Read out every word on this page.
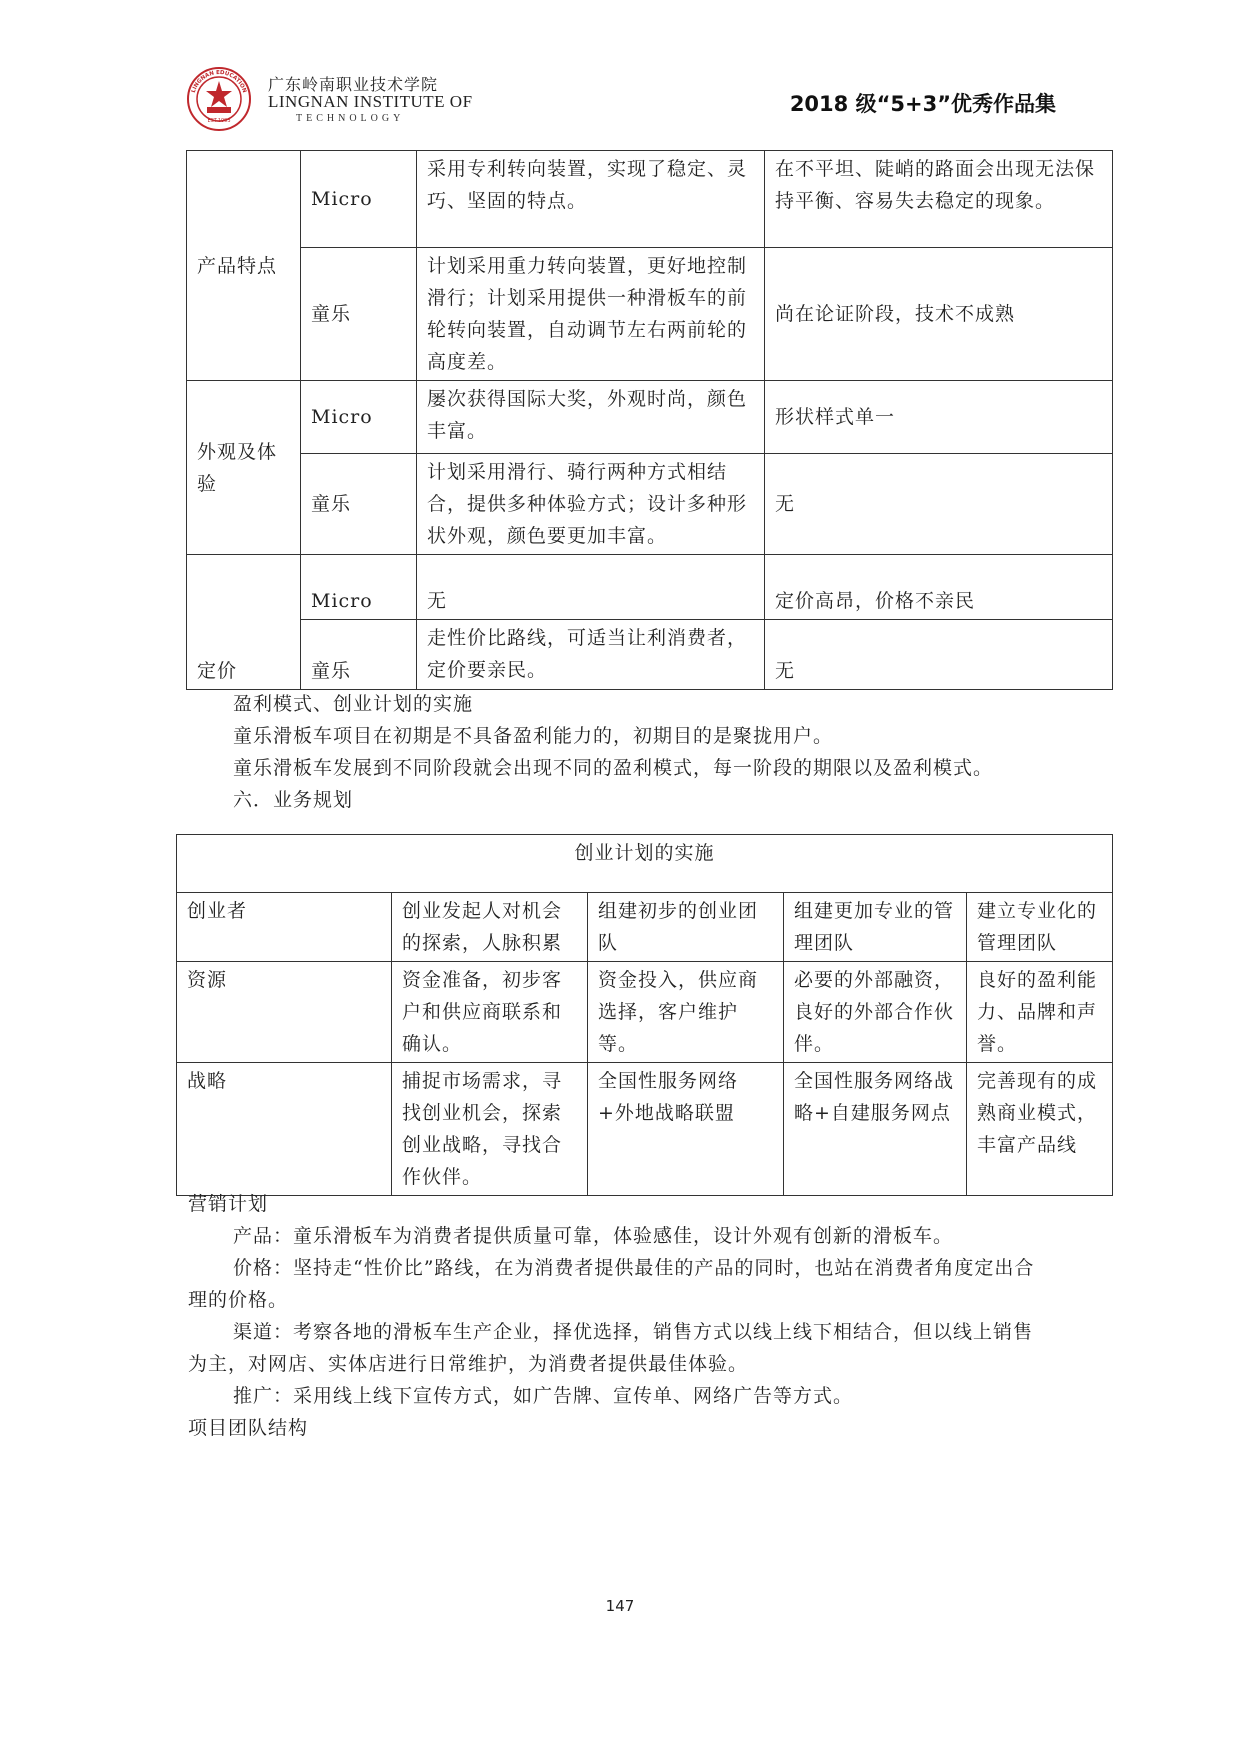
LINGNAN EDUCATION
EST.1993
广东岭南职业技术学院
LINGNAN INSTITUTE OF
TECHNOLOGY
2018 级“5+3”优秀作品集
产品特点	Micro	采用专利转向装置，实现了稳定、灵巧、坚固的特点。	在不平坦、陡峭的路面会出现无法保持平衡、容易失去稳定的现象。
	童乐	计划采用重力转向装置，更好地控制滑行；计划采用提供一种滑板车的前轮转向装置，自动调节左右两前轮的高度差。	尚在论证阶段，技术不成熟
外观及体验	Micro	屡次获得国际大奖，外观时尚，颜色丰富。	形状样式单一
	童乐	计划采用滑行、骑行两种方式相结合，提供多种体验方式；设计多种形状外观，颜色要更加丰富。	无
定价	Micro	无	定价高昂，价格不亲民
	童乐	走性价比路线，可适当让利消费者，定价要亲民。	无

盈利模式、创业计划的实施

童乐滑板车项目在初期是不具备盈利能力的，初期目的是聚拢用户。

童乐滑板车发展到不同阶段就会出现不同的盈利模式，每一阶段的期限以及盈利模式。

六．业务规划

创业计划的实施				
创业者	创业发起人对机会的探索，人脉积累	组建初步的创业团队	组建更加专业的管理团队	建立专业化的管理团队
资源	资金准备，初步客户和供应商联系和确认。	资金投入，供应商选择，客户维护等。	必要的外部融资，良好的外部合作伙伴。	良好的盈利能力、品牌和声誉。
战略	捕捉市场需求，寻找创业机会，探索创业战略，寻找合作伙伴。	全国性服务网络+外地战略联盟	全国性服务网络战略+自建服务网点	完善现有的成熟商业模式，丰富产品线

营销计划

产品：童乐滑板车为消费者提供质量可靠，体验感佳，设计外观有创新的滑板车。

价格：坚持走“性价比”路线，在为消费者提供最佳的产品的同时，也站在消费者角度定出合理的价格。

渠道：考察各地的滑板车生产企业，择优选择，销售方式以线上线下相结合，但以线上销售为主，对网店、实体店进行日常维护，为消费者提供最佳体验。

推广：采用线上线下宣传方式，如广告牌、宣传单、网络广告等方式。

项目团队结构

147
